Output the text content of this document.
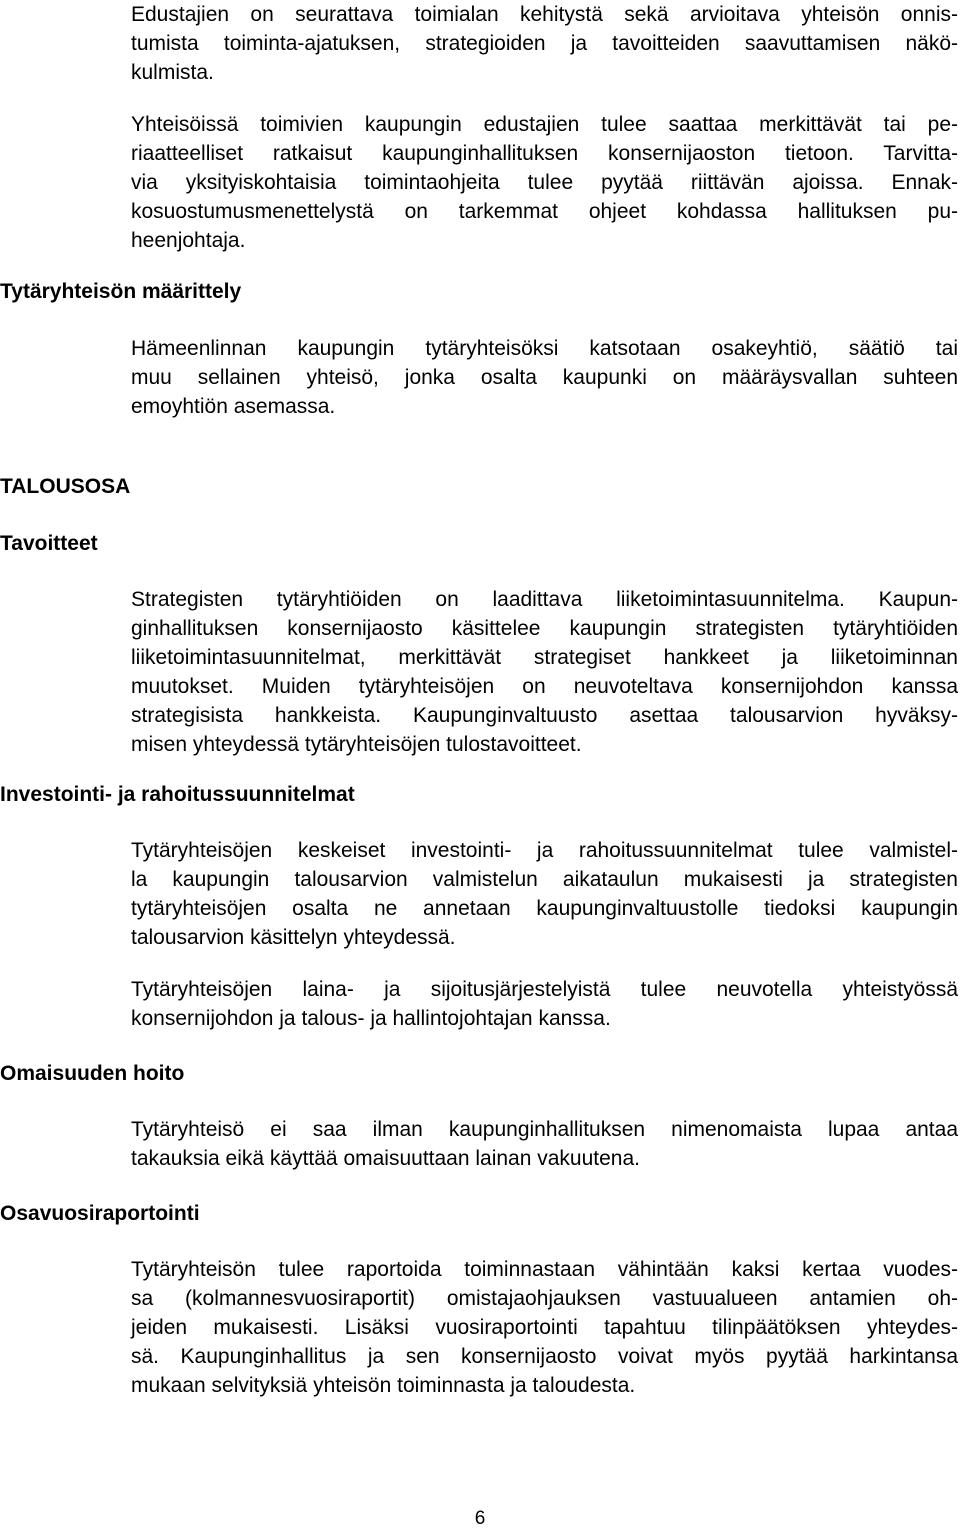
Edustajien on seurattava toimialan kehitystä sekä arvioitava yhteisön onnis-
tumista toiminta-ajatuksen, strategioiden ja tavoitteiden saavuttamisen näkö-
kulmista.

Yhteisöissä toimivien kaupungin edustajien tulee saattaa merkittävät tai pe-
riaatteelliset ratkaisut kaupunginhallituksen konsernijaoston tietoon. Tarvitta-
via yksityiskohtaisia toimintaohjeita tulee pyytää riittävän ajoissa. Ennak-
kosuostumusmenettelystä on tarkemmat ohjeet kohdassa hallituksen pu-
heenjohtaja.

Tytäryhteisön määrittely

Hämeenlinnan kaupungin tytäryhteisöksi katsotaan osakeyhtiö, säätiö tai
muu sellainen yhteisö, jonka osalta kaupunki on määräysvallan suhteen
emoyhtiön asemassa.

TALOUSOSA
Tavoitteet

Strategisten tytäryhtiöiden on laadittava liiketoimintasuunnitelma. Kaupun-
ginhallituksen konsernijaosto käsittelee kaupungin strategisten tytäryhtiöiden
liiketoimintasuunnitelmat, merkittävät strategiset hankkeet ja liiketoiminnan
muutokset. Muiden tytäryhteisöjen on neuvoteltava konsernijohdon kanssa
strategisista hankkeista. Kaupunginvaltuusto asettaa talousarvion hyväksy-
misen yhteydessä tytäryhteisöjen tulostavoitteet.

Investointi- ja rahoitussuunnitelmat

Tytäryhteisöjen keskeiset investointi- ja rahoitussuunnitelmat tulee valmistel-
la kaupungin talousarvion valmistelun aikataulun mukaisesti ja strategisten
tytäryhteisöjen osalta ne annetaan kaupunginvaltuustolle tiedoksi kaupungin
talousarvion käsittelyn yhteydessä.

Tytäryhteisöjen laina- ja sijoitusjärjestelyistä tulee neuvotella yhteistyössä
konsernijohdon ja talous- ja hallintojohtajan kanssa.

Omaisuuden hoito

Tytäryhteisö ei saa ilman kaupunginhallituksen nimenomaista lupaa antaa
takauksia eikä käyttää omaisuuttaan lainan vakuutena.

Osavuosiraportointi

Tytäryhteisön tulee raportoida toiminnastaan vähintään kaksi kertaa vuodes-
sa (kolmannesvuosiraportit) omistajaohjauksen vastuualueen antamien oh-
jeiden mukaisesti. Lisäksi vuosiraportointi tapahtuu tilinpäätöksen yhteydes-
sä. Kaupunginhallitus ja sen konsernijaosto voivat myös pyytää harkintansa
mukaan selvityksiä yhteisön toiminnasta ja taloudesta.

6
